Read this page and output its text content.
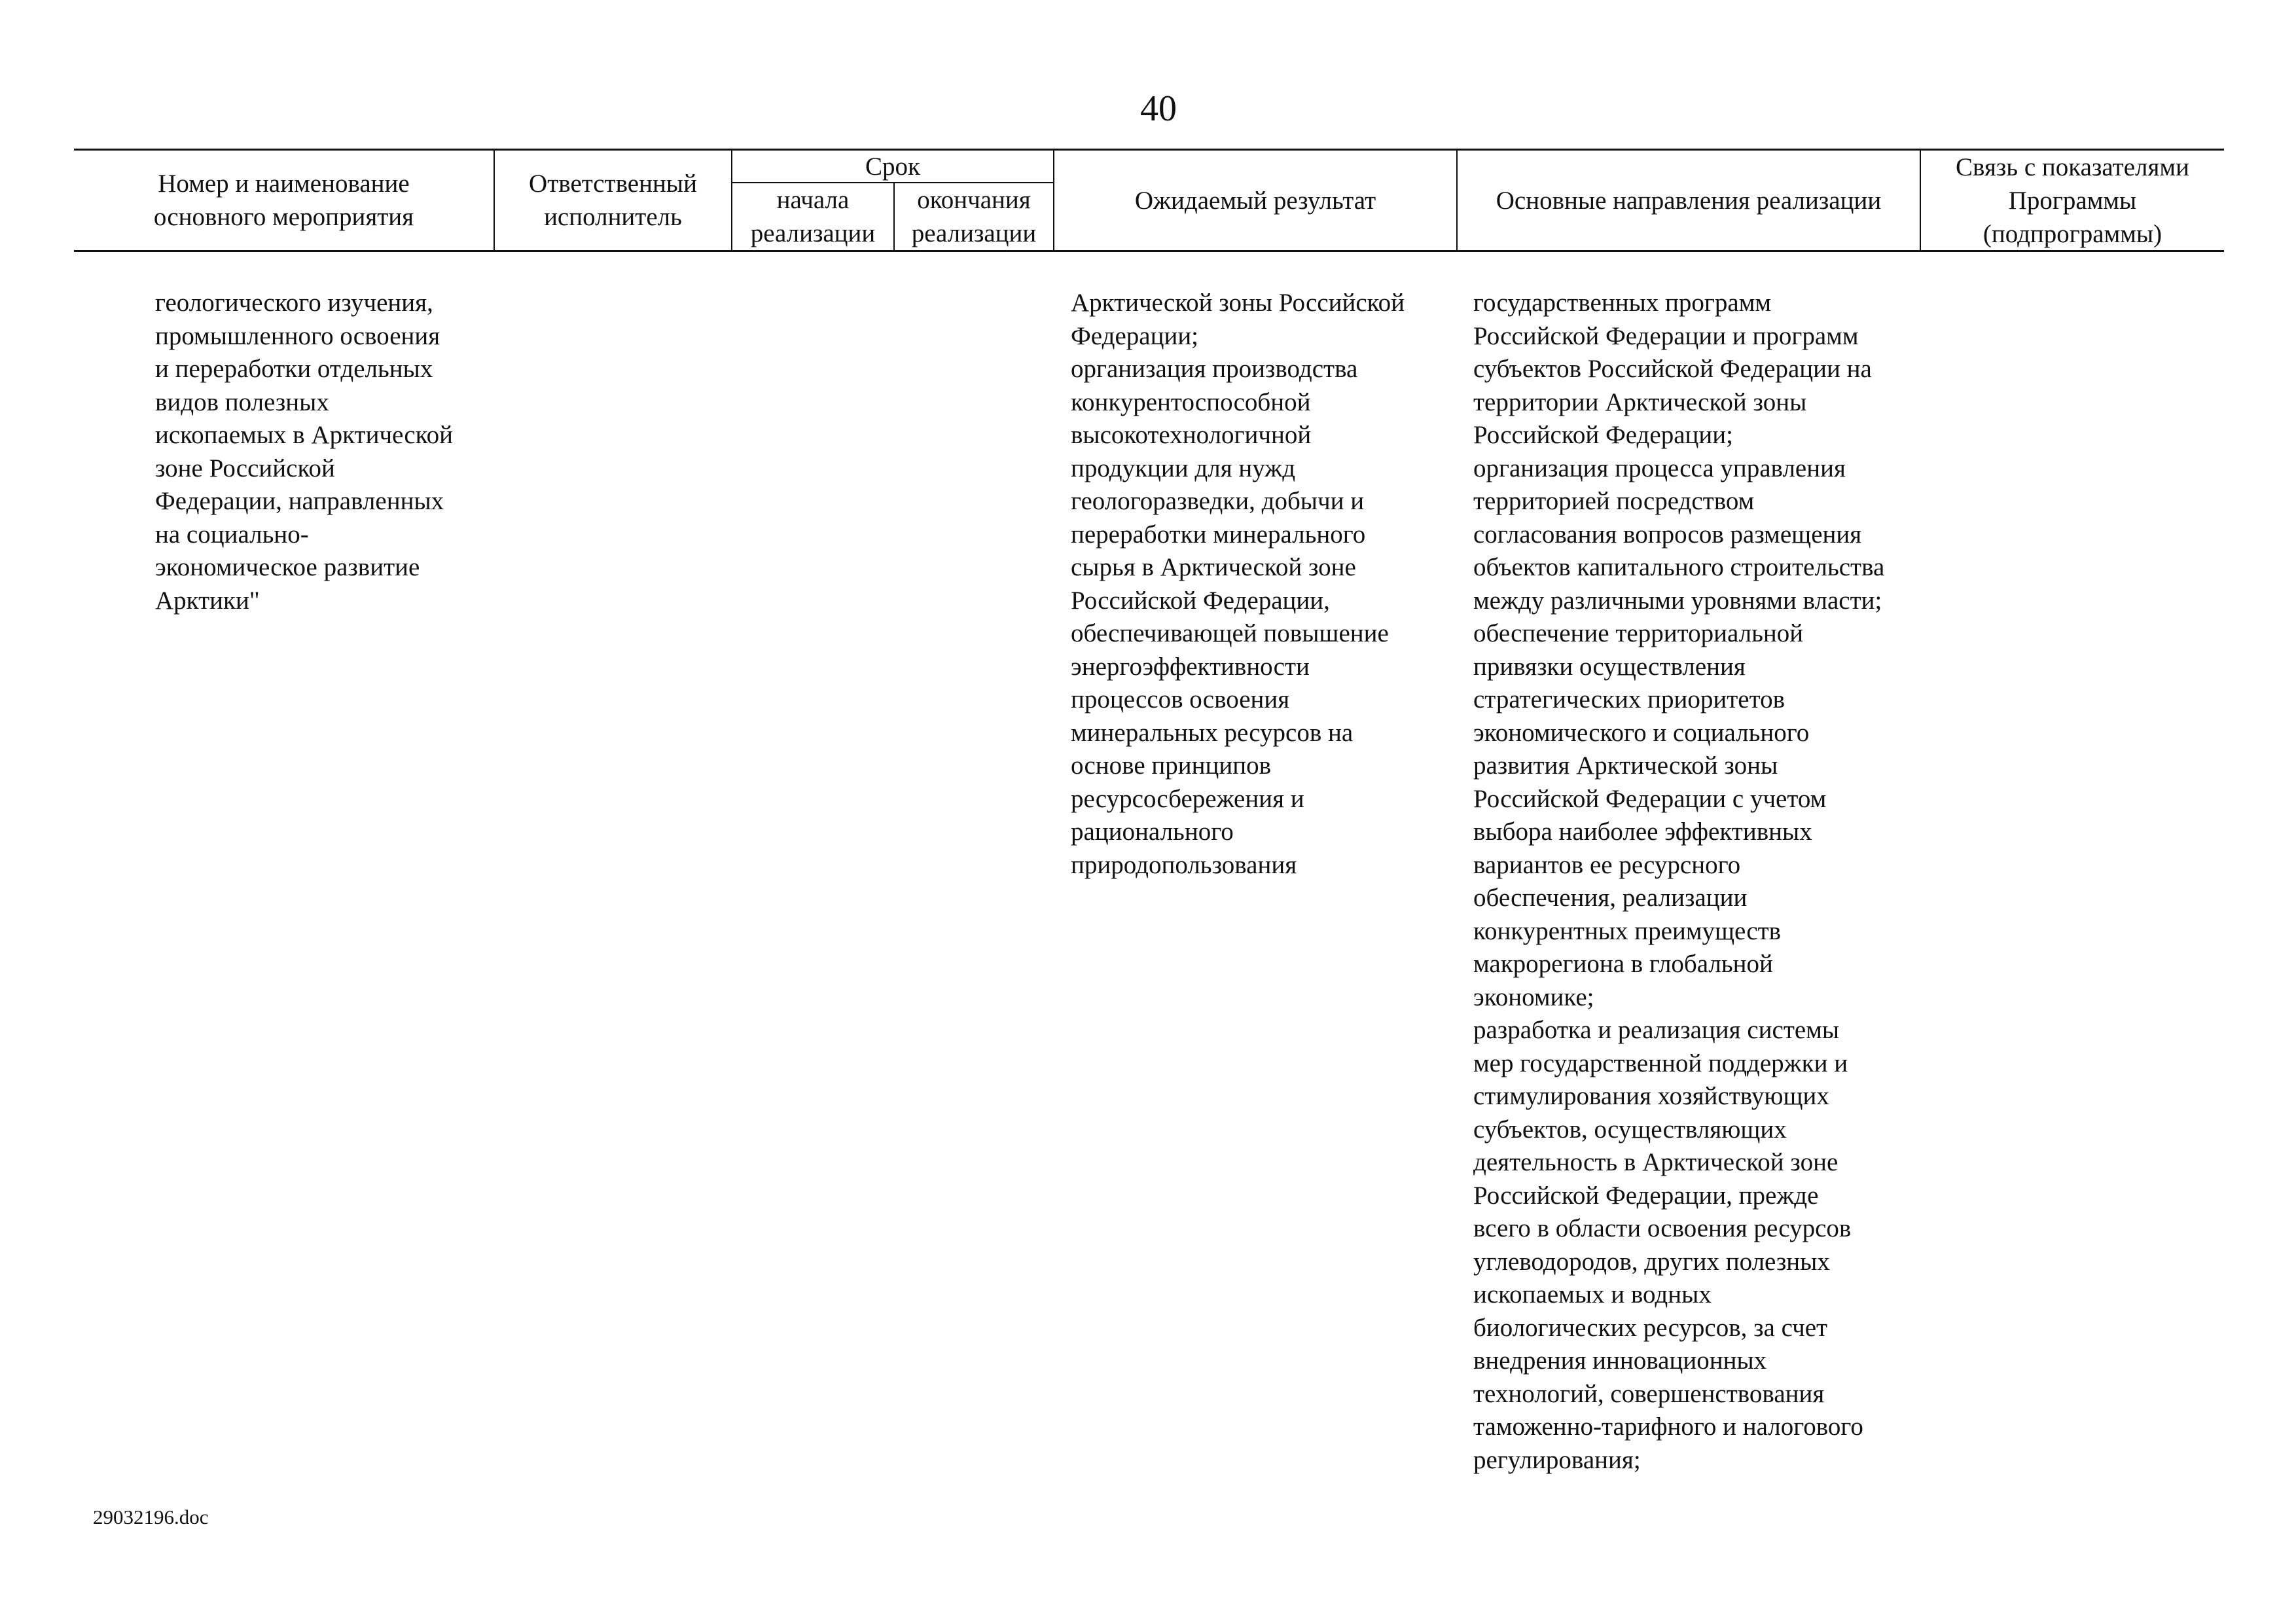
40
Номер и наименование
основного мероприятия
Ответственный
исполнитель
Срок
начала
реализации
окончания
реализации
Ожидаемый результат	Основные направления реализации
Связь с показателями
Программы
(подпрограммы)
геологического изучения,
промышленного освоения
и переработки отдельных
видов полезных
ископаемых в Арктической
зоне Российской
Федерации, направленных
на социально-
экономическое развитие
Арктики"
Арктической зоны Российской
Федерации;
организация производства
конкурентоспособной
высокотехнологичной
продукции для нужд
геологоразведки, добычи и
переработки минерального
сырья в Арктической зоне
Российской Федерации,
обеспечивающей повышение
энергоэффективности
процессов освоения
минеральных ресурсов на
основе принципов
ресурсосбережения и
рационального
природопользования
государственных программ
Российской Федерации и программ
субъектов Российской Федерации на
территории Арктической зоны
Российской Федерации;
организация процесса управления
территорией посредством
согласования вопросов размещения
объектов капитального строительства
между различными уровнями власти;
обеспечение территориальной
привязки осуществления
стратегических приоритетов
экономического и социального
развития Арктической зоны
Российской Федерации с учетом
выбора наиболее эффективных
вариантов ее ресурсного
обеспечения, реализации
конкурентных преимуществ
макрорегиона в глобальной
экономике;
разработка и реализация системы
мер государственной поддержки и
стимулирования хозяйствующих
субъектов, осуществляющих
деятельность в Арктической зоне
Российской Федерации, прежде
всего в области освоения ресурсов
углеводородов, других полезных
ископаемых и водных
биологических ресурсов, за счет
внедрения инновационных
технологий, совершенствования
таможенно-тарифного и налогового
регулирования;
29032196.doc
